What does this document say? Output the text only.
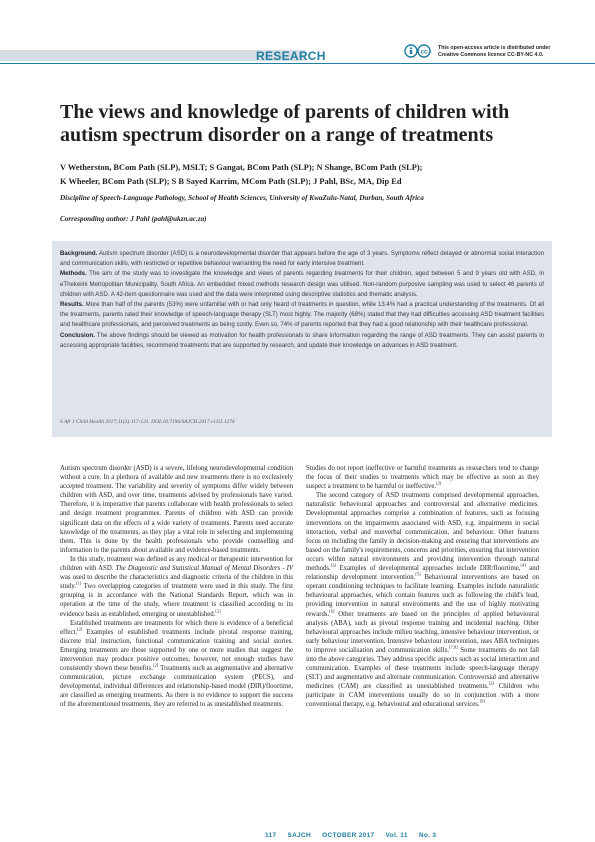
RESEARCH	cc
This open-access article is distributed under
Creative Commons licence CC-BY-NC 4.0.
The views and knowledge of parents of children with autism spectrum disorder on a range of treatments
V Wetherston, BCom Path (SLP), MSLT; S Gangat, BCom Path (SLP); N Shange, BCom Path (SLP);
K Wheeler, BCom Path (SLP); S B Sayed Karrim, MCom Path (SLP); J Pahl, BSc, MA, Dip Ed
Discipline of Speech-Language Pathology, School of Health Sciences, University of KwaZulu-Natal, Durban, South Africa
Corresponding author: J Pahl (pahl@ukzn.ac.za)

Background. Autism spectrum disorder (ASD) is a neurodevelopmental disorder that appears before the age of 3 years. Symptoms reflect delayed or abnormal social interaction and communication skills, with restricted or repetitive behaviour warranting the need for early intensive treatment.

Methods. The aim of the study was to investigate the knowledge and views of parents regarding treatments for their children, aged between 5 and 9 years old with ASD, in eThekwini Metropolitan Municipality, South Africa. An embedded mixed methods research design was utilised. Non-random purposive sampling was used to select 46 parents of children with ASD. A 42-item questionnaire was used and the data were interpreted using descriptive statistics and thematic analysis.

Results. More than half of the parents (53%) were unfamiliar with or had only heard of treatments in question, while 13.4% had a practical understanding of the treatments. Of all the treatments, parents rated their knowledge of speech-language therapy (SLT) most highly. The majority (68%) stated that they had difficulties accessing ASD treatment facilities and healthcare professionals, and perceived treatments as being costly. Even so, 74% of parents reported that they had a good relationship with their healthcare professional.

Conclusion. The above findings should be viewed as motivation for health professionals to share information regarding the range of ASD treatments. They can assist parents in accessing appropriate facilities, recommend treatments that are supported by research, and update their knowledge on advances in ASD treatment.

S Afr J Child Health 2017;11(3):117-121. DOI:10.7196/SAJCH.2017.v11i3.1274

Autism spectrum disorder (ASD) is a severe, lifelong neurodevelopmental condition without a cure. In a plethora of available and new treatments there is no exclusively accepted treatment. The variability and severity of symptoms differ widely between children with ASD, and over time, treatments advised by professionals have varied. Therefore, it is imperative that parents collaborate with health professionals to select and design treatment programmes. Parents of children with ASD can provide significant data on the effects of a wide variety of treatments. Parents need accurate knowledge of the treatments, as they play a vital role in selecting and implementing them. This is done by the health professionals who provide counselling and information to the parents about available and evidence-based treatments.

In this study, treatment was defined as any medical or therapeutic intervention for children with ASD. The Diagnostic and Statistical Manual of Mental Disorders - IV was used to describe the characteristics and diagnostic criteria of the children in this study.[1] Two overlapping categories of treatment were used in this study. The first grouping is in accordance with the National Standards Report, which was in operation at the time of the study, where treatment is classified according to its evidence basis as established, emerging or unestablished.[2]

Established treatments are treatments for which there is evidence of a beneficial effect.[2] Examples of established treatments include pivotal response training, discrete trial instruction, functional communication training and social stories. Emerging treatments are those supported by one or more studies that suggest the intervention may produce positive outcomes; however, not enough studies have consistently shown these benefits.[2] Treatments such as augmentative and alternative communication, picture exchange communication system (PECS), and developmental, individual differences and relationship-based model (DIR)/floortime, are classified as emerging treatments. As there is no evidence to support the success of the aforementioned treatments, they are referred to as unestablished treatments.

Studies do not report ineffective or harmful treatments as researchers tend to change the focus of their studies to treatments which may be effective as soon as they suspect a treatment to be harmful or ineffective.[2]

The second category of ASD treatments comprised developmental approaches, naturalistic behavioural approaches and controversial and alternative medicines. Developmental approaches comprise a combination of features, such as focusing interventions on the impairments associated with ASD, e.g. impairments in social interaction, verbal and nonverbal communication, and behaviour. Other features focus on including the family in decision-making and ensuring that interventions are based on the family's requirements, concerns and priorities, ensuring that intervention occurs within natural environments and providing intervention through natural methods.[3] Examples of developmental approaches include DIR/floortime,[4] and relationship development intervention.[5] Behavioural interventions are based on operant conditioning techniques to facilitate learning. Examples include naturalistic behavioural approaches, which contain features such as following the child's lead, providing intervention in natural environments and the use of highly motivating rewards.[6] Other treatments are based on the principles of applied behavioural analysis (ABA), such as pivotal response training and incidental teaching. Other behavioural approaches include milieu teaching, intensive behaviour intervention, or early behaviour intervention. Intensive behaviour intervention, uses ABA techniques to improve socialisation and communication skills.[7,8] Some treatments do not fall into the above categories. They address specific aspects such as social interaction and communication. Examples of these treatments include speech-language therapy (SLT) and augmentative and alternate communication. Controversial and alternative medicines (CAM) are classified as unestablished treatments.[2] Children who participate in CAM interventions usually do so in conjunction with a more conventional therapy, e.g. behavioural and educational services.[9]

117 SAJCH OCTOBER 2017 Vol. 11 No. 3
